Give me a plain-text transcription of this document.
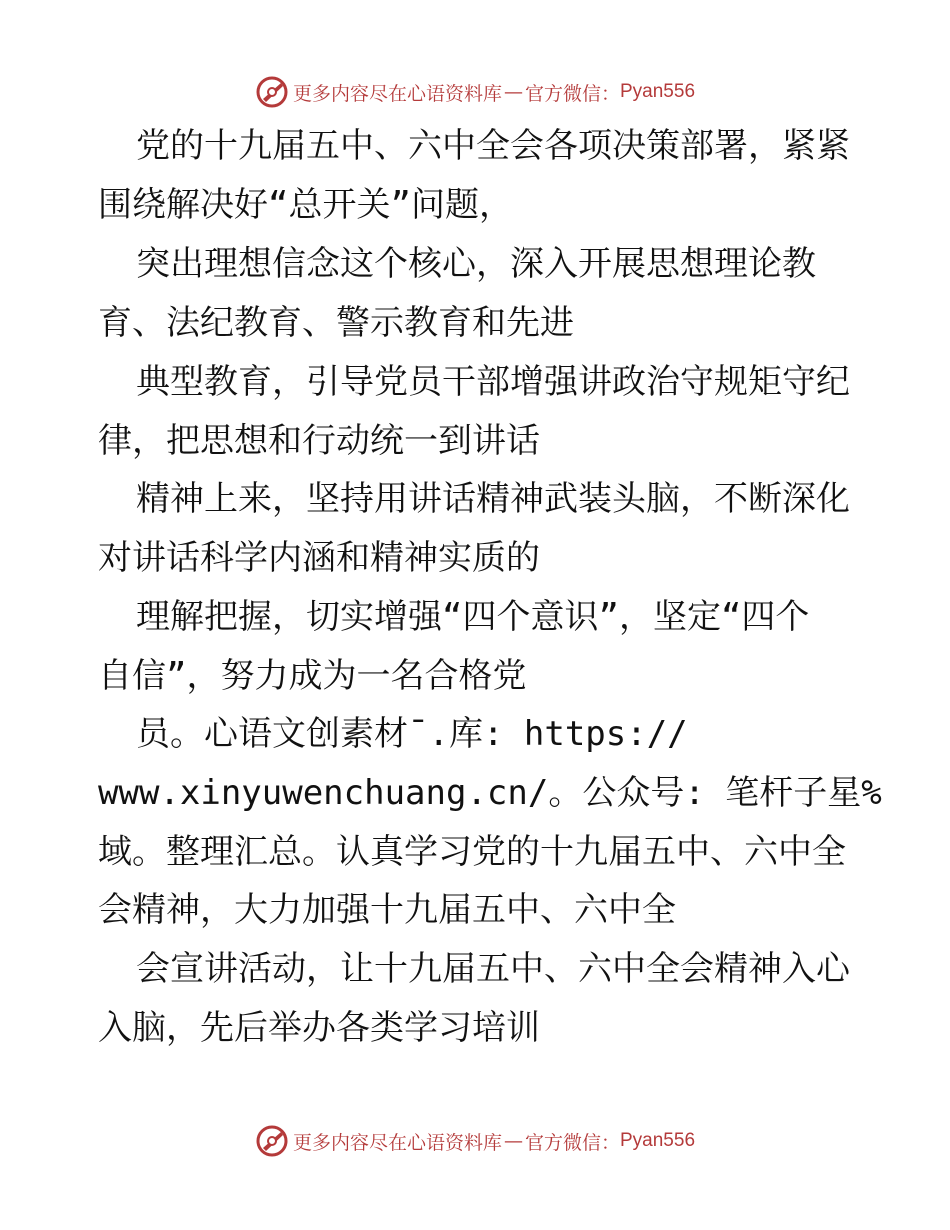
更多内容尽在心语资料库 — 官方微信： Pyan556
党的十九届五中、六中全会各项决策部署，紧紧
围绕解决好“总开关”问题，
突出理想信念这个核心，深入开展思想理论教
育、法纪教育、警示教育和先进
典型教育，引导党员干部增强讲政治守规矩守纪
律，把思想和行动统一到讲话
精神上来，坚持用讲话精神武装头脑，不断深化
对讲话科学内涵和精神实质的
理解把握，切实增强“四个意识”，坚定“四个
自信”，努力成为一名合格党
员。心语文创素材¯.库: https://
www.xinyuwenchuang.cn/。公众号: 笔杆子星%
域。整理汇总。认真学习党的十九届五中、六中全
会精神，大力加强十九届五中、六中全
会宣讲活动，让十九届五中、六中全会精神入心
入脑，先后举办各类学习培训
更多内容尽在心语资料库 — 官方微信： Pyan556
